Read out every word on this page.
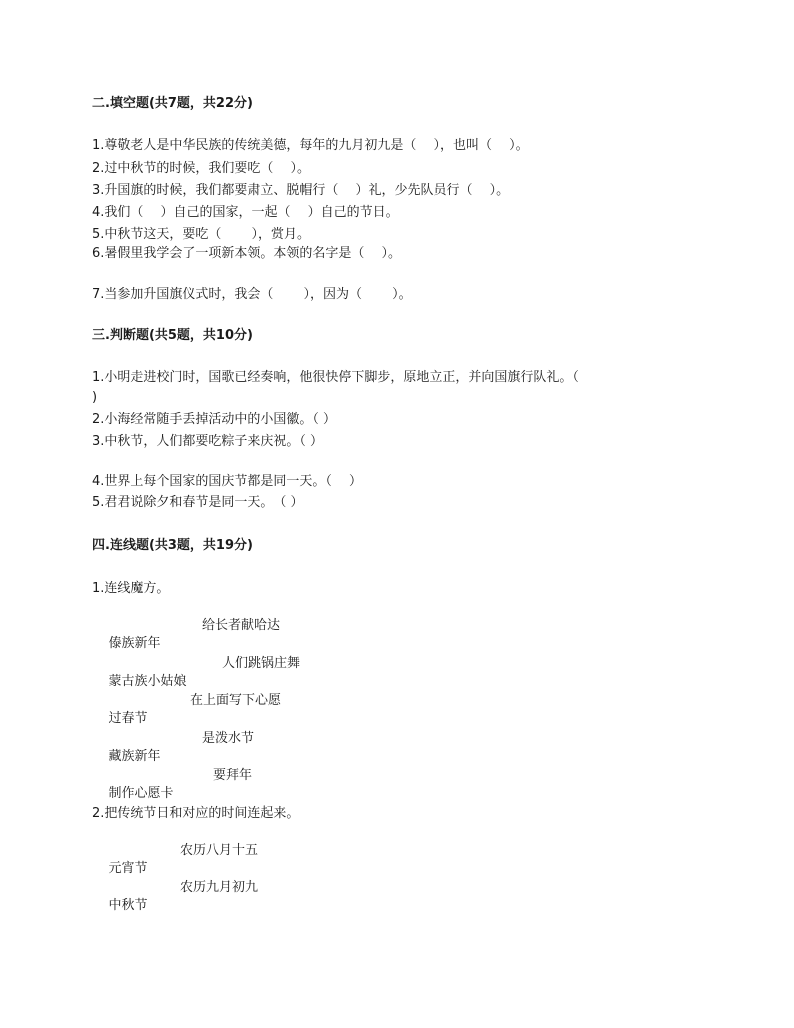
二.填空题(共7题，共22分)
1.尊敬老人是中华民族的传统美德，每年的九月初九是（　 ），也叫（　 ）。
2.过中秋节的时候，我们要吃（　 ）。
3.升国旗的时候，我们都要肃立、脱帽行（　 ）礼，少先队员行（　 ）。
4.我们（　 ）自己的国家，一起（　 ）自己的节日。
5.中秋节这天，要吃（　　 ），赏月。
6.暑假里我学会了一项新本领。本领的名字是（　 ）。
7.当参加升国旗仪式时，我会（　　 ），因为（　　 ）。
三.判断题(共5题，共10分)
1.小明走进校门时，国歌已经奏响，他很快停下脚步，原地立正，并向国旗行队礼。（
)
2.小海经常随手丢掉活动中的小国徽。（ ）
3.中秋节，人们都要吃粽子来庆祝。（ ）
4.世界上每个国家的国庆节都是同一天。（　 ）
5.君君说除夕和春节是同一天。　（ ）
四.连线题(共3题，共19分)
1.连线魔方。

傣族新年

给长者献哈达

蒙古族小姑娘

人们跳锅庄舞

过春节

在上面写下心愿

藏族新年

是泼水节

制作心愿卡

要拜年

2.把传统节日和对应的时间连起来。

元宵节

农历八月十五

中秋节

农历九月初九
